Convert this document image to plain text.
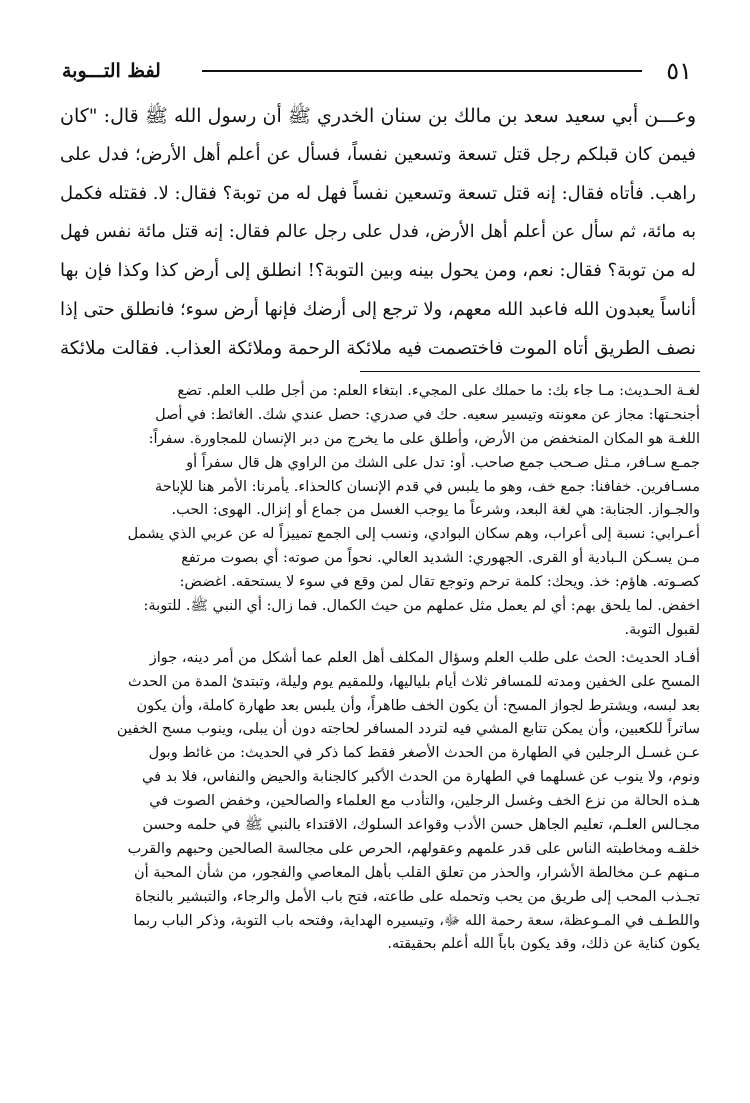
٥١
لفظ التـــوبة
وعـــن أبي سعيد سعد بن مالك بن سنان الخدري ﷺ أن رسول الله ﷺ قال: "كان
فيمن كان قبلكم رجل قتل تسعة وتسعين نفساً، فسأل عن أعلم أهل الأرض؛ فدل على
راهب. فأتاه فقال: إنه قتل تسعة وتسعين نفساً فهل له من توبة؟ فقال: لا. فقتله فكمل
به مائة، ثم سأل عن أعلم أهل الأرض، فدل على رجل عالم فقال: إنه قتل مائة نفس فهل
له من توبة؟ فقال: نعم، ومن يحول بينه وبين التوبة؟! انطلق إلى أرض كذا وكذا فإن بها
أناساً يعبدون الله فاعبد الله معهم، ولا ترجع إلى أرضك فإنها أرض سوء؛ فانطلق حتى إذا
نصف الطريق أتاه الموت فاختصمت فيه ملائكة الرحمة وملائكة العذاب. فقالت ملائكة
لغـة الحـديث: مـا جاء بك: ما حملك على المجيء. ابتغاء العلم: من أجل طلب العلم. تضع
أجنحـتها: مجاز عن معونته وتيسير سعيه. حك في صدري: حصل عندي شك. الغائط: في أصل
اللغـة هو المكان المنخفض من الأرض، وأطلق على ما يخرج من دبر الإنسان للمجاورة. سفراً:
جمـع سـافر، مـثل صـحب جمع صاحب. أو: تدل على الشك من الراوي هل قال سفراً أو
مسـافرين. خفافنا: جمع خف، وهو ما يلبس في قدم الإنسان كالحذاء. يأمرنا: الأمر هنا للإباحة
والجـواز. الجنابة: هي لغة البعد، وشرعاً ما يوجب الغسل من جماع أو إنزال. الهوى: الحب.
أعـرابي: نسبة إلى أعراب، وهم سكان البوادي، ونسب إلى الجمع تمييزاً له عن عربي الذي يشمل
مـن يسـكن الـبادية أو القرى. الجهوري: الشديد العالي. نحواً من صوته: أي بصوت مرتفع
كصـوته. هاؤم: خذ. ويحك: كلمة ترحم وتوجع تقال لمن وقع في سوء لا يستحقه. اغضض:
اخفض. لما يلحق بهم: أي لم يعمل مثل عملهم من حيث الكمال. فما زال: أي النبي ﷺ. للتوبة:
لقبول التوبة.
أفـاد الحديث: الحث على طلب العلم وسؤال المكلف أهل العلم عما أشكل من أمر دينه، جواز
المسح على الخفين ومدته للمسافر ثلاث أيام بلياليها، وللمقيم يوم وليلة، وتبتدئ المدة من الحدث
بعد لبسه، ويشترط لجواز المسح: أن يكون الخف طاهراً، وأن يلبس بعد طهارة كاملة، وأن يكون
ساتراً للكعبين، وأن يمكن تتابع المشي فيه لتردد المسافر لحاجته دون أن يبلى، وينوب مسح الخفين
عـن غسـل الرجلين في الطهارة من الحدث الأصغر فقط كما ذكر في الحديث: من غائط وبول
ونوم، ولا ينوب عن غسلهما في الطهارة من الحدث الأكبر كالجنابة والحيض والنفاس، فلا بد في
هـذه الحالة من نزع الخف وغسل الرجلين، والتأدب مع العلماء والصالحين، وخفض الصوت في
مجـالس العلـم، تعليم الجاهل حسن الأدب وقواعد السلوك، الاقتداء بالنبي ﷺ في حلمه وحسن
خلقـه ومخاطبته الناس على قدر علمهم وعقولهم، الحرص على مجالسة الصالحين وحبهم والقرب
مـنهم عـن مخالطة الأشرار، والحذر من تعلق القلب بأهل المعاصي والفجور، من شأن المحبة أن
تجـذب المحب إلى طريق من يحب وتحمله على طاعته، فتح باب الأمل والرجاء، والتبشير بالنجاة
واللطـف في المـوعظة، سعة رحمة الله ﷻ، وتيسيره الهداية، وفتحه باب التوبة، وذكر الباب ربما
يكون كناية عن ذلك، وقد يكون باباً الله أعلم بحقيقته.
